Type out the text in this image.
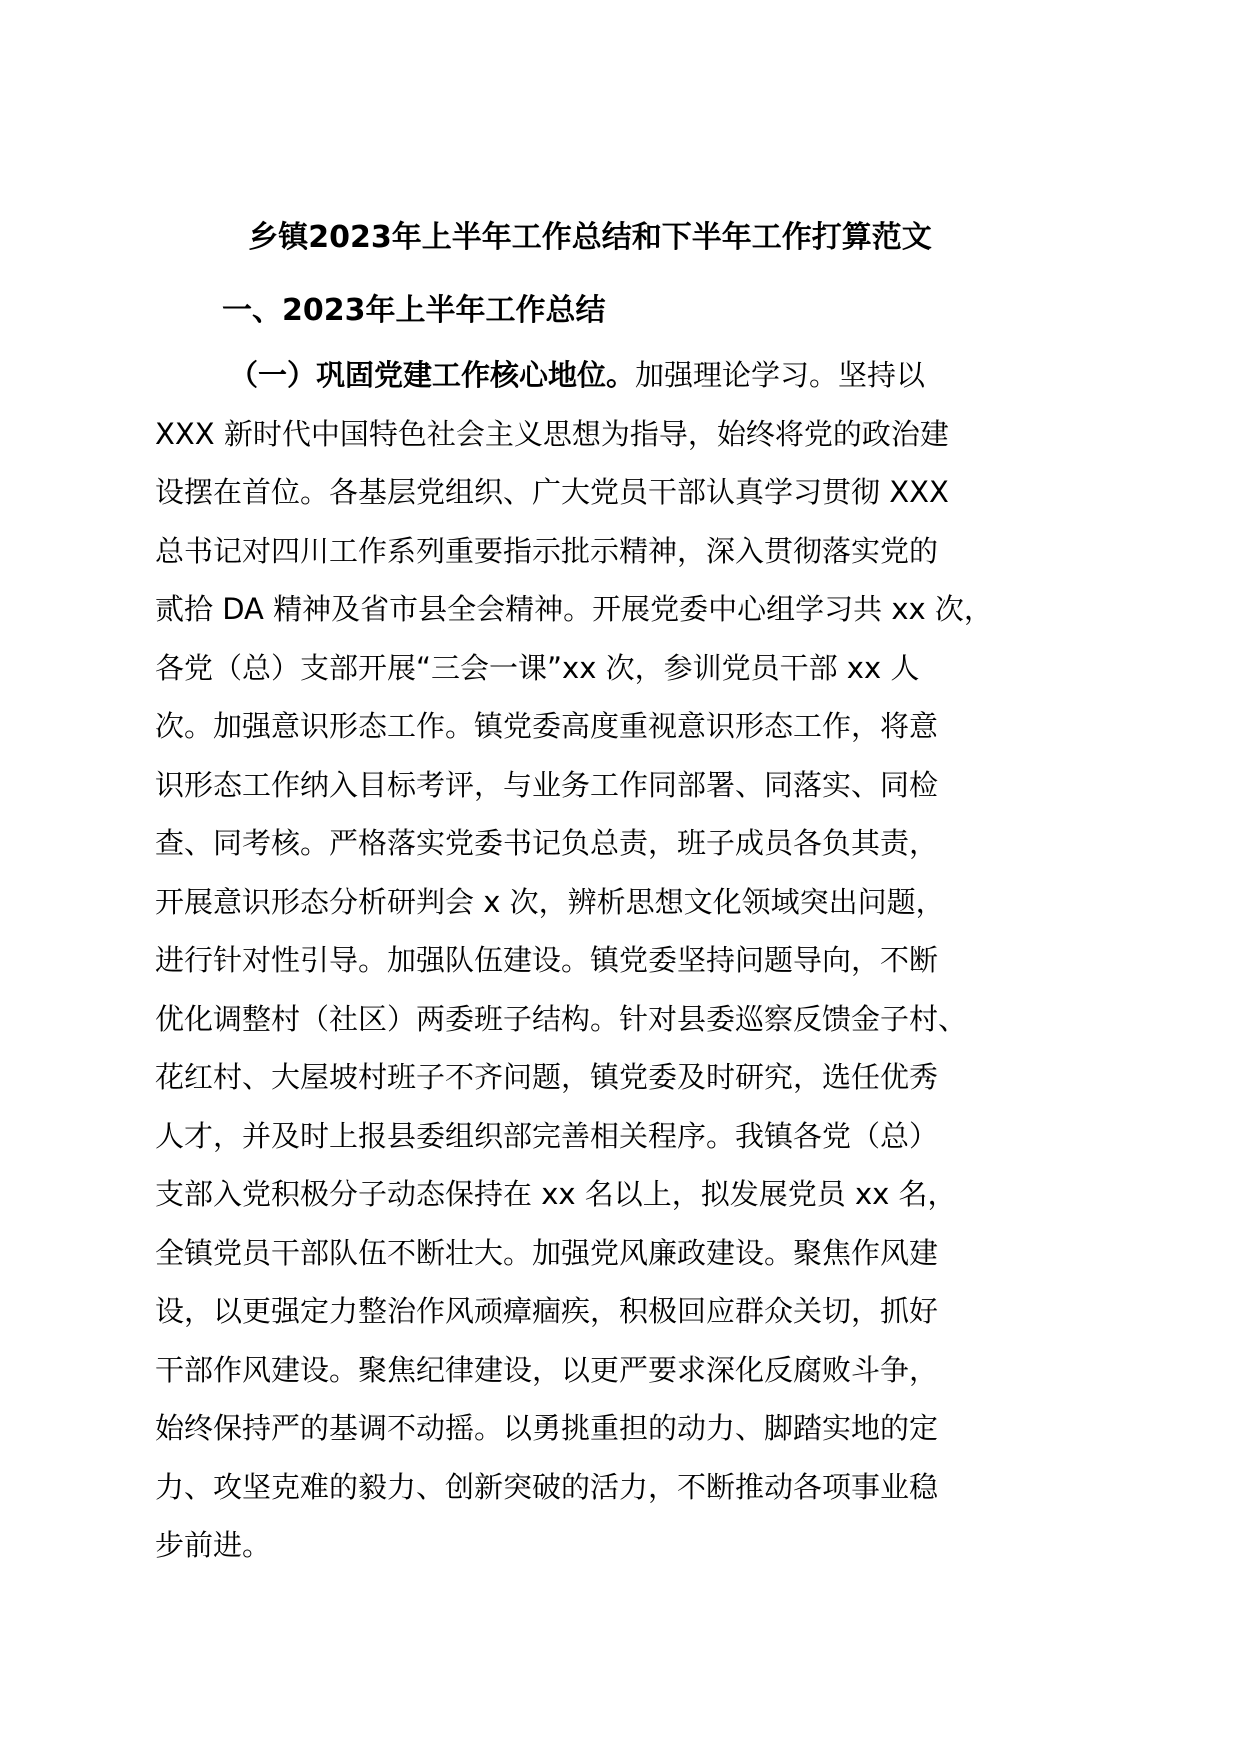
乡镇2023年上半年工作总结和下半年工作打算范文
一、2023年上半年工作总结
（一）巩固党建工作核心地位。加强理论学习。坚持以
XXX 新时代中国特色社会主义思想为指导，始终将党的政治建
设摆在首位。各基层党组织、广大党员干部认真学习贯彻 XXX
总书记对四川工作系列重要指示批示精神，深入贯彻落实党的
贰拾 DA 精神及省市县全会精神。开展党委中心组学习共 xx 次，
各党（总）支部开展“三会一课”xx 次，参训党员干部 xx 人
次。加强意识形态工作。镇党委高度重视意识形态工作，将意
识形态工作纳入目标考评，与业务工作同部署、同落实、同检
查、同考核。严格落实党委书记负总责，班子成员各负其责，
开展意识形态分析研判会 x 次，辨析思想文化领域突出问题，
进行针对性引导。加强队伍建设。镇党委坚持问题导向，不断
优化调整村（社区）两委班子结构。针对县委巡察反馈金子村、
花红村、大屋坡村班子不齐问题，镇党委及时研究，选任优秀
人才，并及时上报县委组织部完善相关程序。我镇各党（总）
支部入党积极分子动态保持在 xx 名以上，拟发展党员 xx 名，
全镇党员干部队伍不断壮大。加强党风廉政建设。聚焦作风建
设，以更强定力整治作风顽瘴痼疾，积极回应群众关切，抓好
干部作风建设。聚焦纪律建设，以更严要求深化反腐败斗争，
始终保持严的基调不动摇。以勇挑重担的动力、脚踏实地的定
力、攻坚克难的毅力、创新突破的活力，不断推动各项事业稳
步前进。
